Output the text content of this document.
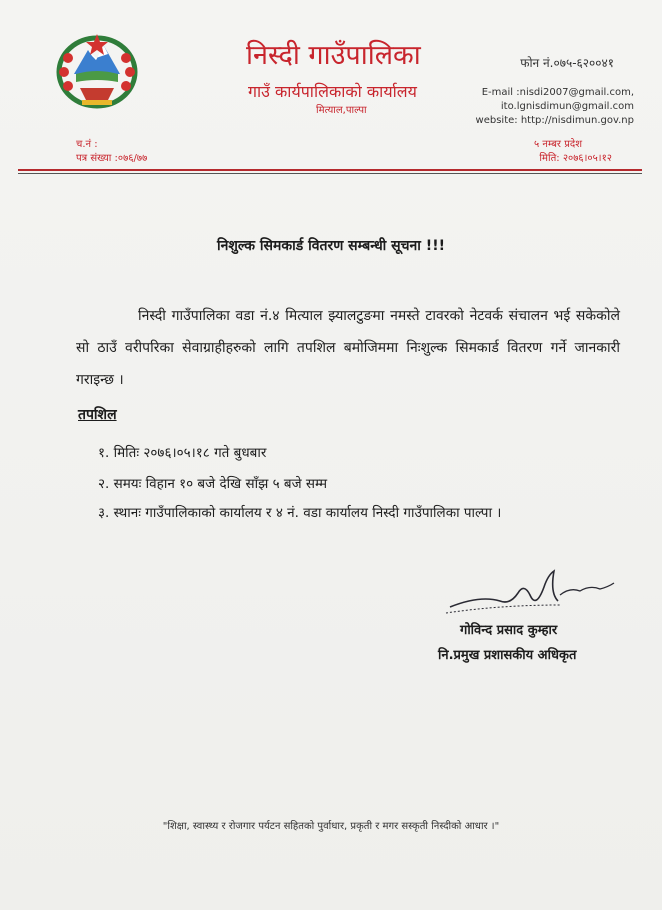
निस्दी गाउँपालिका
गाउँ कार्यपालिकाको कार्यालय
मित्याल,पाल्पा
फोन नं.०७५-६२००४१
E-mail :nisdi2007@gmail.com,
ito.lgnisdimun@gmail.com
website: http://nisdimun.gov.np
च.नं :
पत्र संख्या :०७६/७७
५ नम्बर प्रदेश
मिति: २०७६।०५।१२
निशुल्क सिमकार्ड वितरण सम्बन्धी सूचना !!!
निस्दी गाउँपालिका वडा नं.४ मित्याल झ्यालटुङमा नमस्ते टावरको नेटवर्क संचालन भई सकेकोले सो ठाउँ वरीपरिका सेवाग्राहीहरुको लागि तपशिल बमोजिममा निःशुल्क सिमकार्ड वितरण गर्ने जानकारी गराइन्छ ।
तपशिल
१. मितिः २०७६।०५।१८ गते बुधबार
२. समयः विहान १० बजे देखि साँझ ५ बजे सम्म
३. स्थानः गाउँपालिकाको कार्यालय र ४ नं. वडा कार्यालय निस्दी गाउँपालिका पाल्पा ।
गोविन्द प्रसाद कुम्हार
नि.प्रमुख प्रशासकीय अधिकृत
"शिक्षा, स्वास्थ्य र रोजगार पर्यटन सहितको पुर्वाधार, प्रकृती र मगर सस्कृती निस्दीको आधार ।"
